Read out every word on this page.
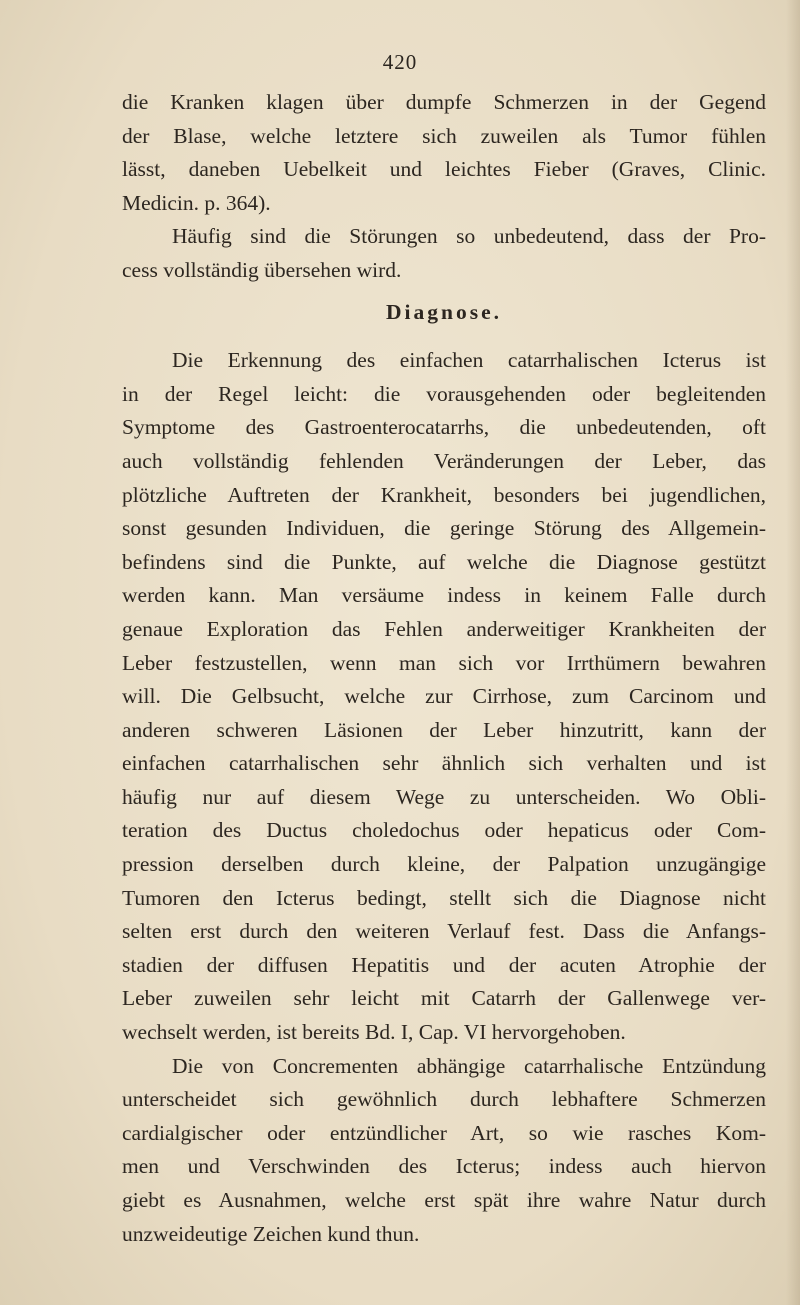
420
die Kranken klagen über dumpfe Schmerzen in der Gegend
der Blase, welche letztere sich zuweilen als Tumor fühlen
lässt, daneben Uebelkeit und leichtes Fieber (Graves, Clinic.
Medicin. p. 364).
Häufig sind die Störungen so unbedeutend, dass der Pro-
cess vollständig übersehen wird.
Diagnose.
Die Erkennung des einfachen catarrhalischen Icterus ist
in der Regel leicht: die vorausgehenden oder begleitenden
Symptome des Gastroenterocatarrhs, die unbedeutenden, oft
auch vollständig fehlenden Veränderungen der Leber, das
plötzliche Auftreten der Krankheit, besonders bei jugendlichen,
sonst gesunden Individuen, die geringe Störung des Allgemein-
befindens sind die Punkte, auf welche die Diagnose gestützt
werden kann. Man versäume indess in keinem Falle durch
genaue Exploration das Fehlen anderweitiger Krankheiten der
Leber festzustellen, wenn man sich vor Irrthümern bewahren
will. Die Gelbsucht, welche zur Cirrhose, zum Carcinom und
anderen schweren Läsionen der Leber hinzutritt, kann der
einfachen catarrhalischen sehr ähnlich sich verhalten und ist
häufig nur auf diesem Wege zu unterscheiden. Wo Obli-
teration des Ductus choledochus oder hepaticus oder Com-
pression derselben durch kleine, der Palpation unzugängige
Tumoren den Icterus bedingt, stellt sich die Diagnose nicht
selten erst durch den weiteren Verlauf fest. Dass die Anfangs-
stadien der diffusen Hepatitis und der acuten Atrophie der
Leber zuweilen sehr leicht mit Catarrh der Gallenwege ver-
wechselt werden, ist bereits Bd. I, Cap. VI hervorgehoben.
Die von Concrementen abhängige catarrhalische Entzündung
unterscheidet sich gewöhnlich durch lebhaftere Schmerzen
cardialgischer oder entzündlicher Art, so wie rasches Kom-
men und Verschwinden des Icterus; indess auch hiervon
giebt es Ausnahmen, welche erst spät ihre wahre Natur durch
unzweideutige Zeichen kund thun.
